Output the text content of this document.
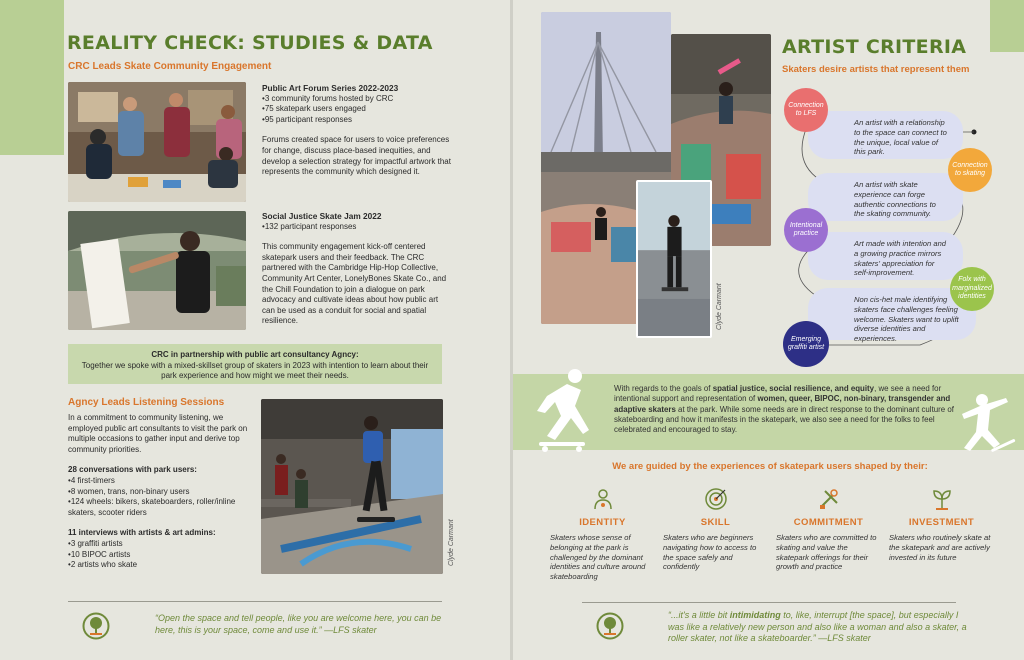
REALITY CHECK: STUDIES & DATA
CRC Leads Skate Community Engagement
Public Art Forum Series 2022-2023
• 3 community forums hosted by CRC
• 75 skatepark users engaged
• 95 participant responses

Forums created space for users to voice preferences for change, discuss place-based inequities, and develop a selection strategy for impactful artwork that represents the community which designed it.

Social Justice Skate Jam 2022
• 132 participant responses

This community engagement kick-off centered skatepark users and their feedback. The CRC partnered with the Cambridge Hip-Hop Collective, Community Art Center, LonelyBones Skate Co., and the Chill Foundation to join a dialogue on park advocacy and cultivate ideas about how public art can be used as a conduit for social and spatial resilience.

CRC in partnership with public art consultancy Agncy:
Together we spoke with a mixed-skillset group of skaters in 2023 with intention to learn about their park experience and how might we meet their needs.
Agncy Leads Listening Sessions

In a commitment to community listening, we employed public art consultants to visit the park on multiple occasions to gather input and derive top community priorities.

28 conversations with park users:
• 4 first-timers
• 8 women, trans, non-binary users
• 124 wheels: bikers, skateboarders, roller/inline skaters, scooter riders
11 interviews with artists & art admins:
• 3 graffiti artists
• 10 BIPOC artists
• 2 artists who skate	Clyde Carmant
“Open the space and tell people, like you are welcome here, you can be here, this is your space, come and use it.” —LFS skater
Clyde Carmant
ARTIST CRITERIA
Skaters desire artists that represent them
An artist with a relationship to the space can connect to the unique, local value of this park.
An artist with skate experience can forge authentic connections to the skating community.
Art made with intention and a growing practice mirrors skaters' appreciation for self-improvement.
Non cis-het male identifying skaters face challenges feeling welcome. Skaters want to uplift diverse identities and experiences.
Connection to LFS
Connection to skating
Intentional practice
Folx with marginalized identities
Emerging graffiti artist
With regards to the goals of spatial justice, social resilience, and equity, we see a need for intentional support and representation of women, queer, BIPOC, non-binary, transgender and adaptive skaters at the park. While some needs are in direct response to the dominant culture of skateboarding and how it manifests in the skatepark, we also see a need for the folks to feel celebrated and encouraged to stay.
We are guided by the experiences of skatepark users shaped by their:
IDENTITY
Skaters whose sense of belonging at the park is challenged by the dominant identities and culture around skateboarding
SKILL
Skaters who are beginners navigating how to access to the space safely and confidently
COMMITMENT
Skaters who are committed to skating and value the skatepark offerings for their growth and practice
INVESTMENT
Skaters who routinely skate at the skatepark and are actively invested in its future
“...it's a little bit intimidating to, like, interrupt [the space], but especially I was like a relatively new person and also like a woman and also a skater, a roller skater, not like a skateboarder.” —LFS skater
